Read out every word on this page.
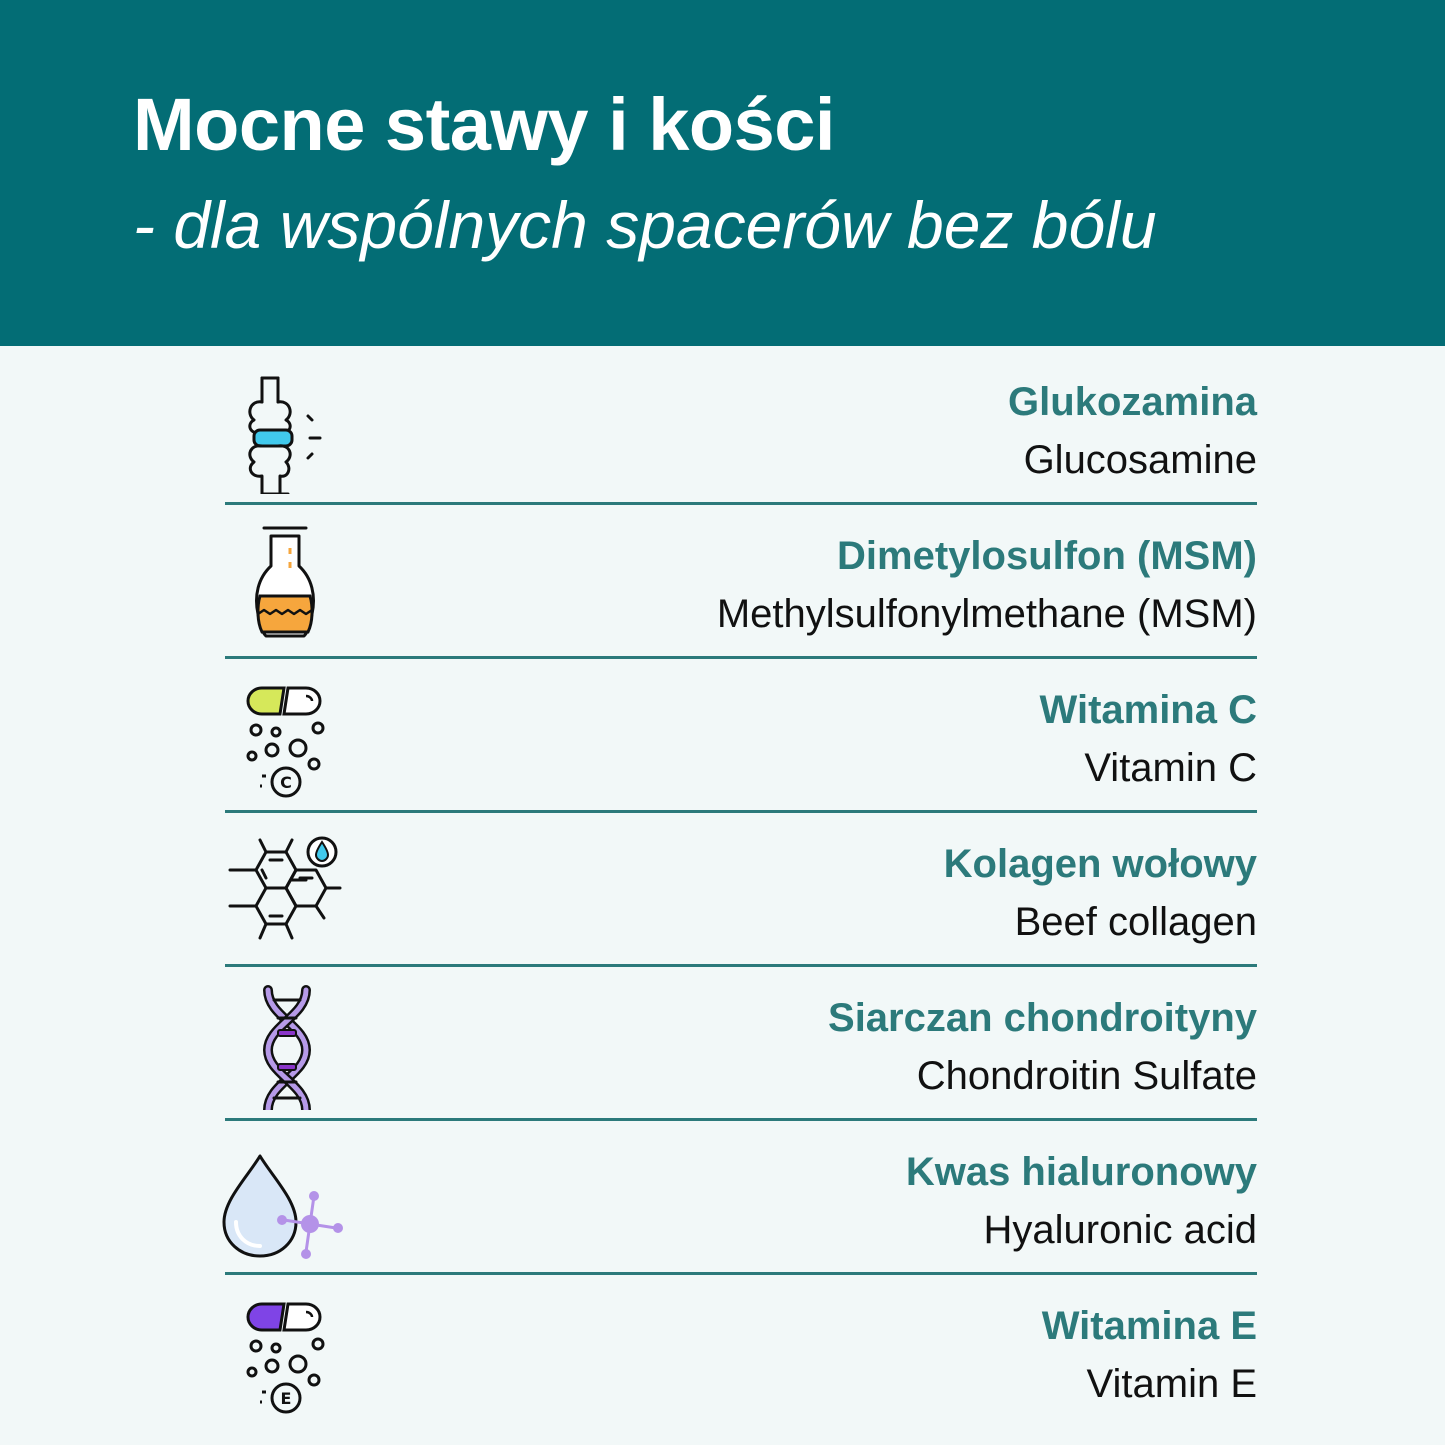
Mocne stawy i kości
- dla wspólnych spacerów bez bólu
Glukozamina
Glucosamine
Dimetylosulfon (MSM)
Methylsulfonylmethane (MSM)
C
Witamina C
Vitamin C
Kolagen wołowy
Beef collagen
Siarczan chondroityny
Chondroitin Sulfate
Kwas hialuronowy
Hyaluronic acid
E
Witamina E
Vitamin E
